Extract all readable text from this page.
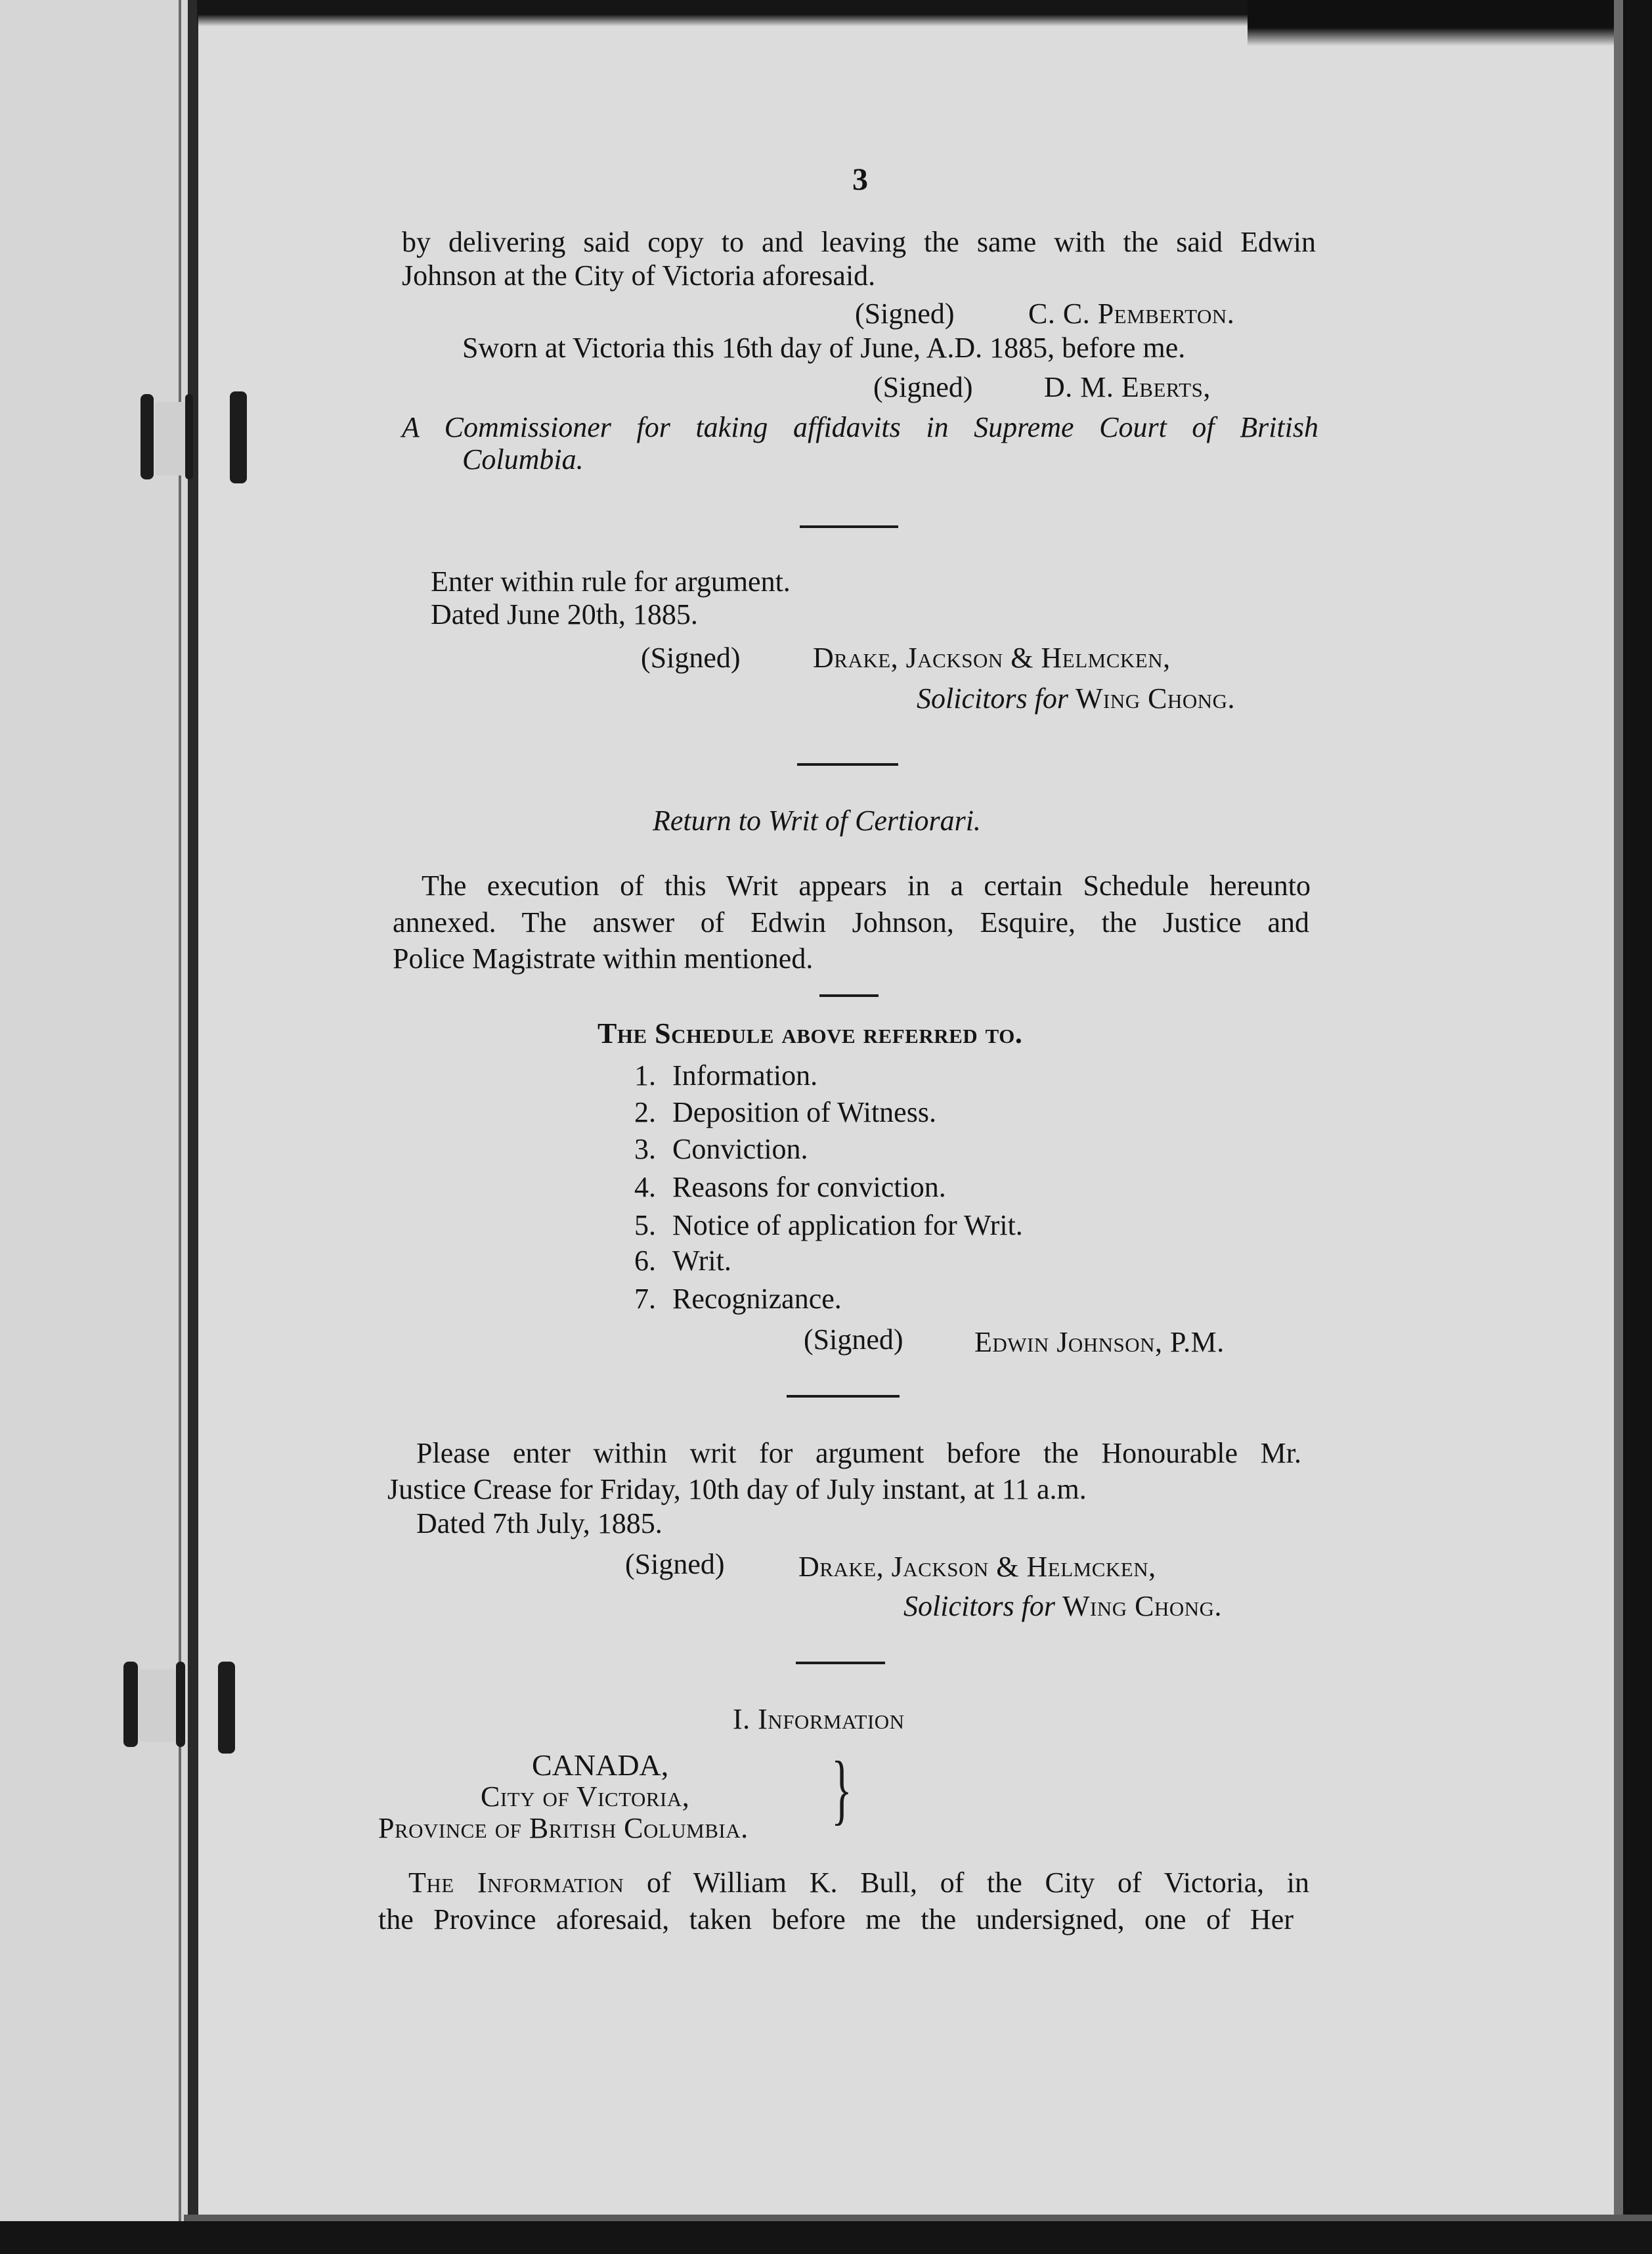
3
by delivering said copy to and leaving the same with the said Edwin
Johnson at the City of Victoria aforesaid.
(Signed)	C. C. Pemberton.
Sworn at Victoria this 16th day of June, A.D. 1885, before me.
(Signed) D. M. Eberts,
A Commissioner for taking affidavits in Supreme Court of British
Columbia.
Enter within rule for argument.
Dated June 20th, 1885.
(Signed)	Drake, Jackson & Helmcken,
Solicitors for Wing Chong.
Return to Writ of Certiorari.
The execution of this Writ appears in a certain Schedule hereunto
annexed. The answer of Edwin Johnson, Esquire, the Justice and
Police Magistrate within mentioned.
The Schedule above referred to.
1. Information.
2. Deposition of Witness.
3. Conviction.
4. Reasons for conviction.
5. Notice of application for Writ.
6. Writ.
7. Recognizance.
(Signed) Edwin Johnson, P.M.
Please enter within writ for argument before the Honourable Mr.
Justice Crease for Friday, 10th day of July instant, at 11 a.m.
Dated 7th July, 1885.
(Signed)	Drake, Jackson & Helmcken,
Solicitors for Wing Chong.
I. Information
CANADA,
City of Victoria,
Province of British Columbia. }
The Information of William K. Bull, of the City of Victoria, in
the Province aforesaid, taken before me the undersigned, one of Her
